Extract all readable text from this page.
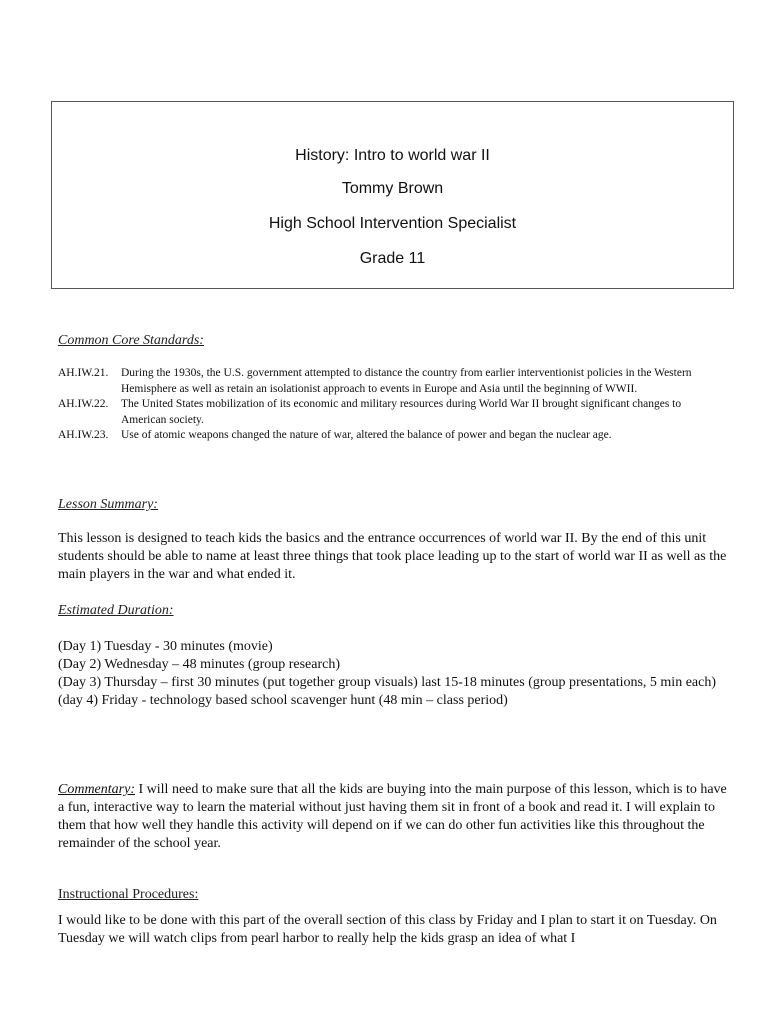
History: Intro to world war II
Tommy Brown
High School Intervention Specialist
Grade 11
Common Core Standards:
AH.IW.21.	During the 1930s, the U.S. government attempted to distance the country from earlier interventionist policies in the Western Hemisphere as well as retain an isolationist approach to events in Europe and Asia until the beginning of WWII.
AH.IW.22.	The United States mobilization of its economic and military resources during World War II brought significant changes to American society.
AH.IW.23.	Use of atomic weapons changed the nature of war, altered the balance of power and began the nuclear age.
Lesson Summary:
This lesson is designed to teach kids the basics and the entrance occurrences of world war II. By the end of this unit students should be able to name at least three things that took place leading up to the start of world war II as well as the main players in the war and what ended it.
Estimated Duration:
(Day 1) Tuesday - 30 minutes (movie)
(Day 2) Wednesday – 48 minutes (group research)
(Day 3) Thursday – first 30 minutes (put together group visuals) last 15-18 minutes (group presentations, 5 min each)
(day 4) Friday - technology based school scavenger hunt (48 min – class period)
Commentary: I will need to make sure that all the kids are buying into the main purpose of this lesson, which is to have a fun, interactive way to learn the material without just having them sit in front of a book and read it. I will explain to them that how well they handle this activity will depend on if we can do other fun activities like this throughout the remainder of the school year.
Instructional Procedures:
I would like to be done with this part of the overall section of this class by Friday and I plan to start it on Tuesday. On Tuesday we will watch clips from pearl harbor to really help the kids grasp an idea of what I
